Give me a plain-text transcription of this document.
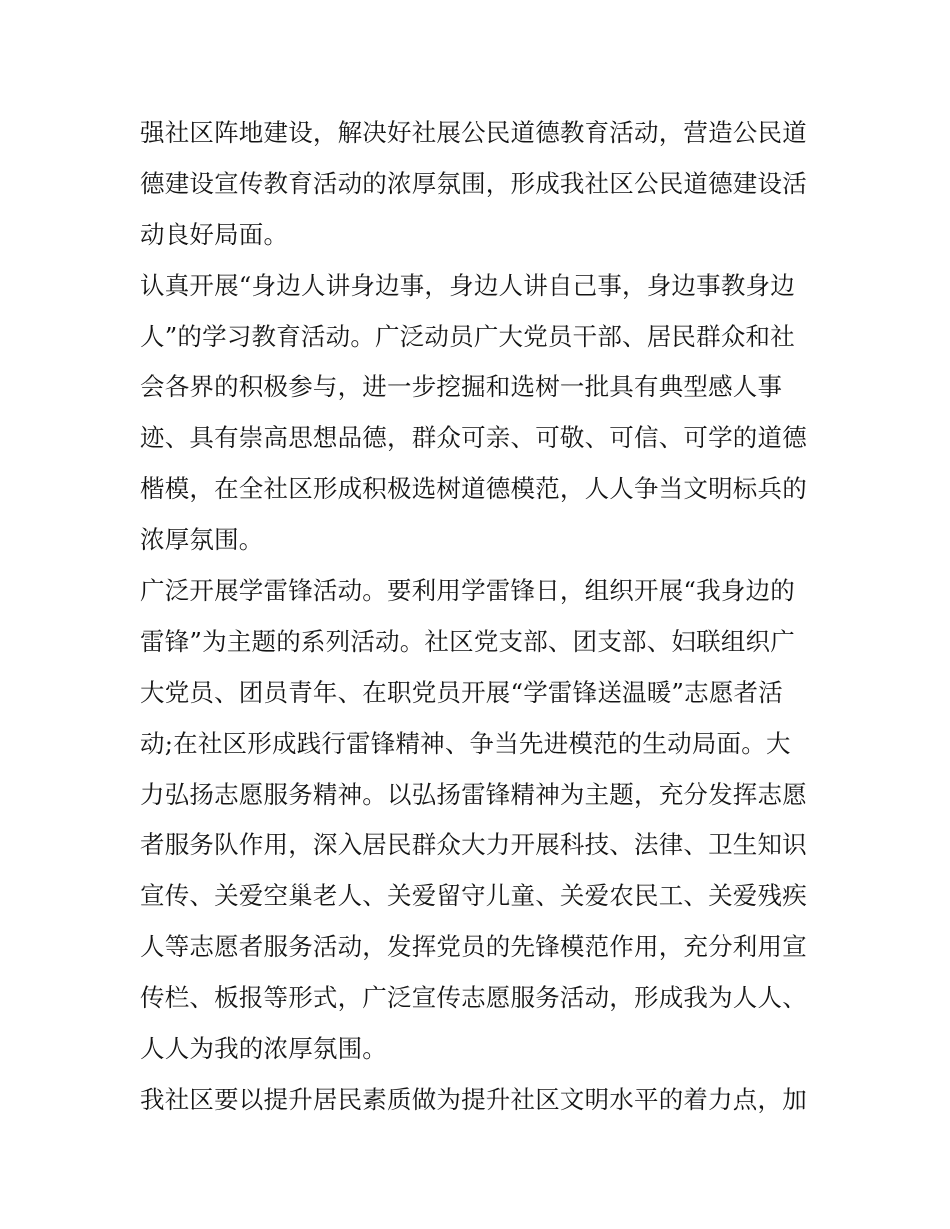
强社区阵地建设，解决好社展公民道德教育活动，营造公民道
德建设宣传教育活动的浓厚氛围，形成我社区公民道德建设活
动良好局面。
认真开展“身边人讲身边事，身边人讲自己事，身边事教身边
人”的学习教育活动。广泛动员广大党员干部、居民群众和社
会各界的积极参与，进一步挖掘和选树一批具有典型感人事
迹、具有崇高思想品德，群众可亲、可敬、可信、可学的道德
楷模，在全社区形成积极选树道德模范，人人争当文明标兵的
浓厚氛围。
广泛开展学雷锋活动。要利用学雷锋日，组织开展“我身边的
雷锋”为主题的系列活动。社区党支部、团支部、妇联组织广
大党员、团员青年、在职党员开展“学雷锋送温暖”志愿者活
动;在社区形成践行雷锋精神、争当先进模范的生动局面。大
力弘扬志愿服务精神。以弘扬雷锋精神为主题，充分发挥志愿
者服务队作用，深入居民群众大力开展科技、法律、卫生知识
宣传、关爱空巢老人、关爱留守儿童、关爱农民工、关爱残疾
人等志愿者服务活动，发挥党员的先锋模范作用，充分利用宣
传栏、板报等形式，广泛宣传志愿服务活动，形成我为人人、
人人为我的浓厚氛围。
我社区要以提升居民素质做为提升社区文明水平的着力点，加
